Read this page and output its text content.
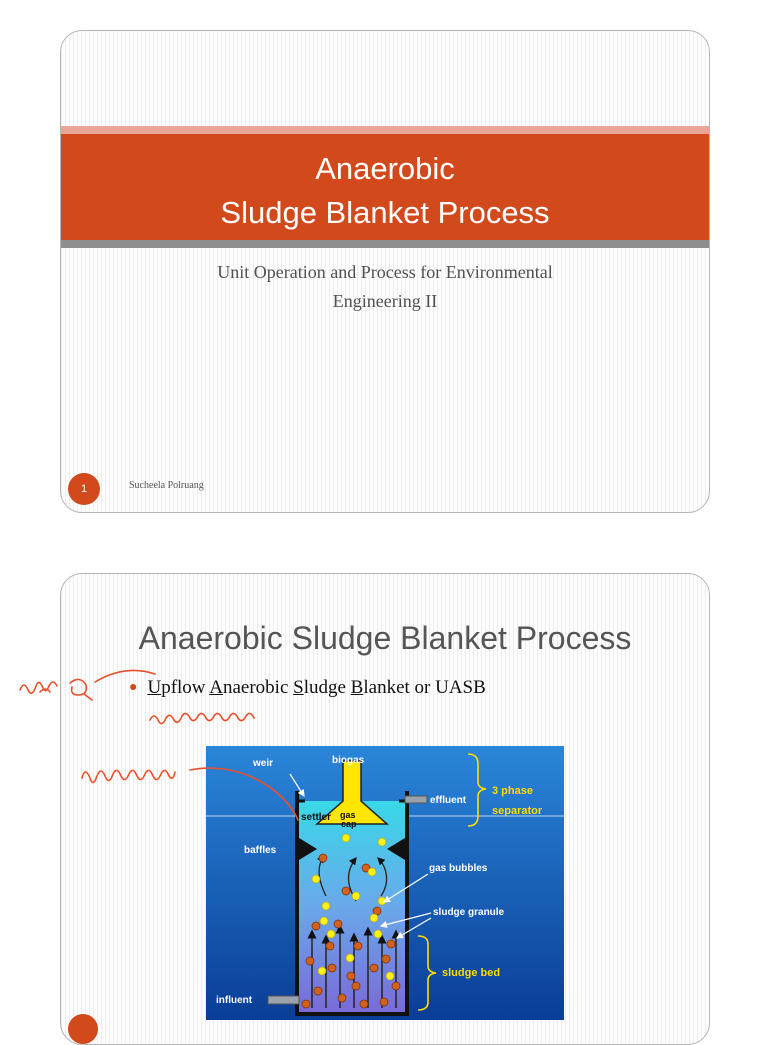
Anaerobic
Sludge Blanket Process
Unit Operation and Process for Environmental
Engineering II
1	Sucheela Polruang
Anaerobic Sludge Blanket Process
● Upflow Anaerobic Sludge Blanket or UASB
weir	biogas
effluent
3 phase
separator
settler gas
cap
baffles
gas bubbles
sludge granule
sludge bed
influent
